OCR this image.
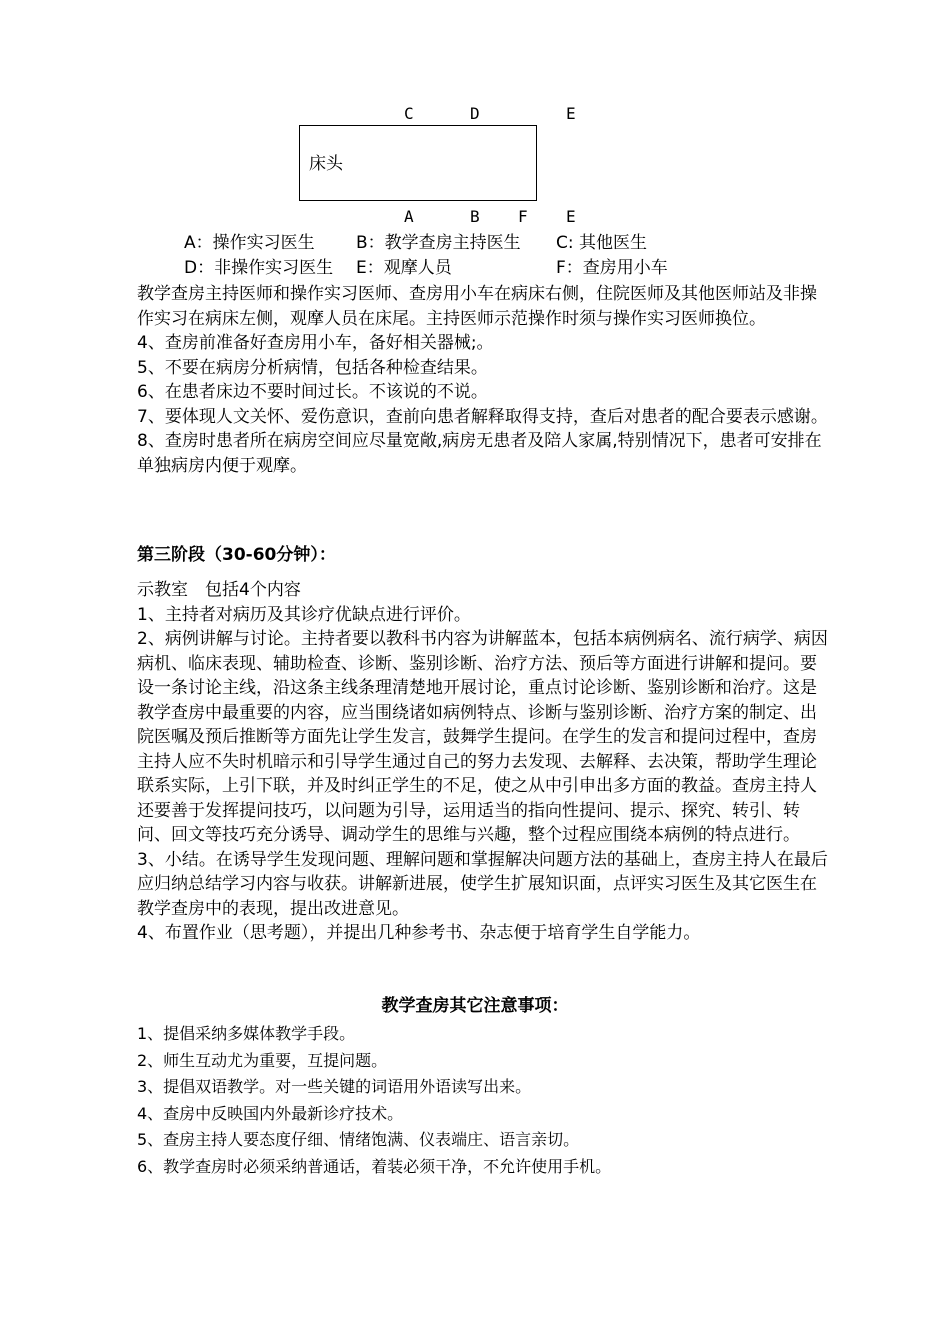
C	D	E
床头
A	B F E
A：操作实习医生 B：教学查房主持医生 C: 其他医生
D：非操作实习医生 E：观摩人员	F：查房用小车

教学查房主持医师和操作实习医师、查房用小车在病床右侧，住院医师及其他医师站及非操作实习在病床左侧，观摩人员在床尾。主持医师示范操作时须与操作实习医师换位。

4、查房前准备好查房用小车，备好相关器械;。

5、不要在病房分析病情，包括各种检查结果。

6、在患者床边不要时间过长。不该说的不说。

7、要体现人文关怀、爱伤意识，查前向患者解释取得支持，查后对患者的配合要表示感谢。

8、查房时患者所在病房空间应尽量宽敞,病房无患者及陪人家属,特别情况下，患者可安排在单独病房内便于观摩。

第三阶段（30-60分钟）：

示教室　包括4个内容

1、主持者对病历及其诊疗优缺点进行评价。

2、病例讲解与讨论。主持者要以教科书内容为讲解蓝本，包括本病例病名、流行病学、病因病机、临床表现、辅助检查、诊断、鉴别诊断、治疗方法、预后等方面进行讲解和提问。要设一条讨论主线，沿这条主线条理清楚地开展讨论，重点讨论诊断、鉴别诊断和治疗。这是教学查房中最重要的内容，应当围绕诸如病例特点、诊断与鉴别诊断、治疗方案的制定、出院医嘱及预后推断等方面先让学生发言，鼓舞学生提问。在学生的发言和提问过程中，查房主持人应不失时机暗示和引导学生通过自己的努力去发现、去解释、去决策，帮助学生理论联系实际，上引下联，并及时纠正学生的不足，使之从中引申出多方面的教益。查房主持人还要善于发挥提问技巧，以问题为引导，运用适当的指向性提问、提示、探究、转引、转问、回文等技巧充分诱导、调动学生的思维与兴趣，整个过程应围绕本病例的特点进行。

3、小结。在诱导学生发现问题、理解问题和掌握解决问题方法的基础上，查房主持人在最后应归纳总结学习内容与收获。讲解新进展，使学生扩展知识面，点评实习医生及其它医生在教学查房中的表现，提出改进意见。

4、布置作业（思考题），并提出几种参考书、杂志便于培育学生自学能力。

教学查房其它注意事项：

1、提倡采纳多媒体教学手段。

2、师生互动尤为重要，互提问题。

3、提倡双语教学。对一些关键的词语用外语读写出来。

4、查房中反映国内外最新诊疗技术。

5、查房主持人要态度仔细、情绪饱满、仪表端庄、语言亲切。

6、教学查房时必须采纳普通话，着装必须干净，不允许使用手机。
